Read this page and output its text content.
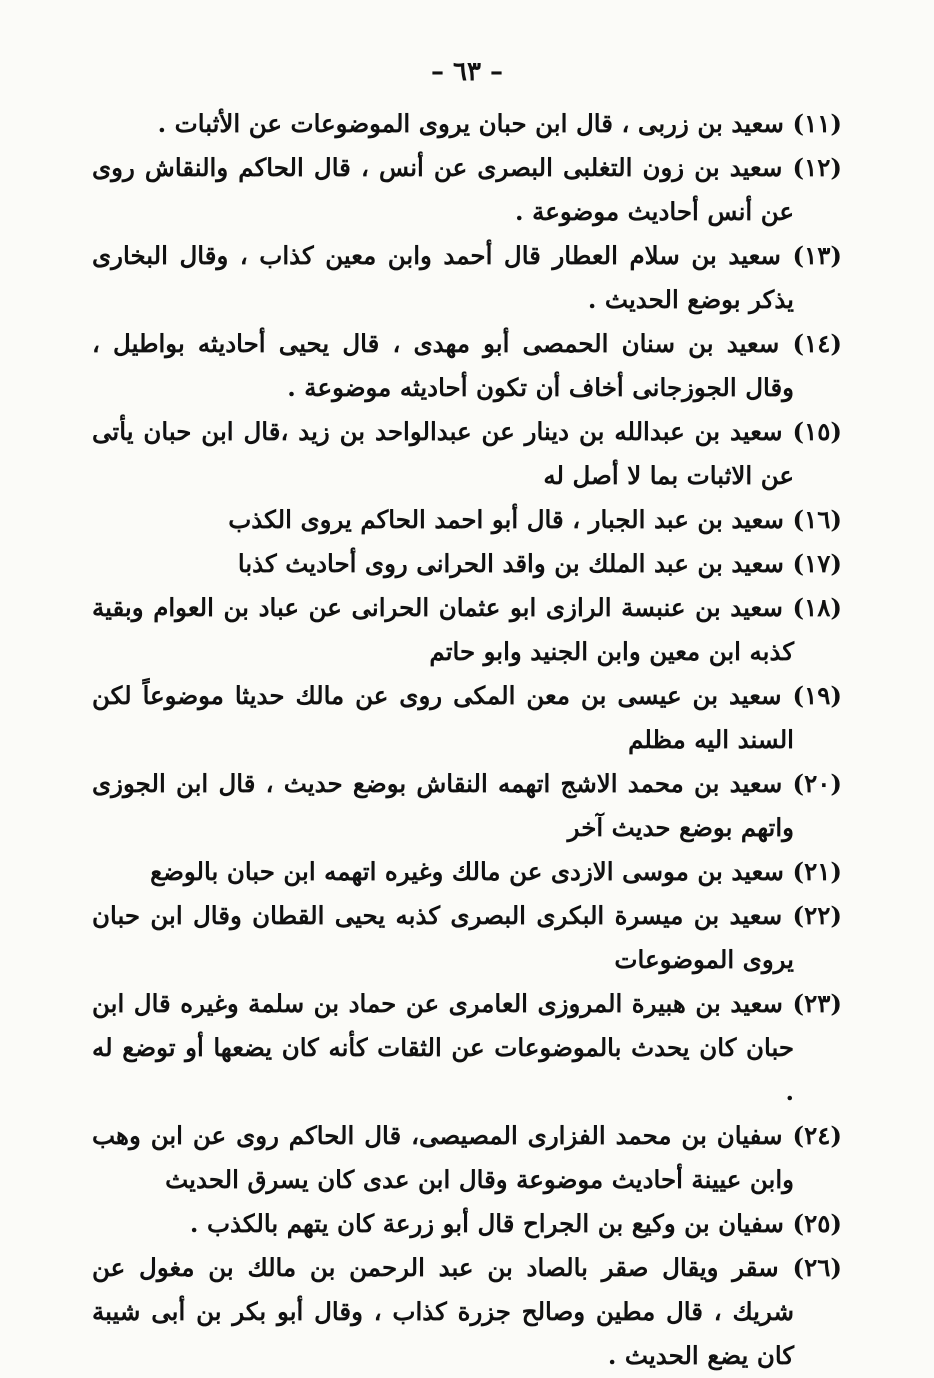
– ٦٣ –

(١١) سعيد بن زربى ، قال ابن حبان يروى الموضوعات عن الأثبات .

(١٢) سعيد بن زون التغلبى البصرى عن أنس ، قال الحاكم والنقاش روى عن أنس أحاديث موضوعة .

(١٣) سعيد بن سلام العطار قال أحمد وابن معين كذاب ، وقال البخارى يذكر بوضع الحديث .

(١٤) سعيد بن سنان الحمصى أبو مهدى ، قال يحيى أحاديثه بواطيل ، وقال الجوزجانى أخاف أن تكون أحاديثه موضوعة .

(١٥) سعيد بن عبدالله بن دينار عن عبدالواحد بن زيد ،قال ابن حبان يأتى عن الاثبات بما لا أصل له

(١٦) سعيد بن عبد الجبار ، قال أبو احمد الحاكم يروى الكذب

(١٧) سعيد بن عبد الملك بن واقد الحرانى روى أحاديث كذبا

(١٨) سعيد بن عنبسة الرازى ابو عثمان الحرانى عن عباد بن العوام وبقية كذبه ابن معين وابن الجنيد وابو حاتم

(١٩) سعيد بن عيسى بن معن المكى روى عن مالك حديثا موضوعاً لكن السند اليه مظلم

(٢٠) سعيد بن محمد الاشج اتهمه النقاش بوضع حديث ، قال ابن الجوزى واتهم بوضع حديث آخر

(٢١) سعيد بن موسى الازدى عن مالك وغيره اتهمه ابن حبان بالوضع

(٢٢) سعيد بن ميسرة البكرى البصرى كذبه يحيى القطان وقال ابن حبان يروى الموضوعات

(٢٣) سعيد بن هبيرة المروزى العامرى عن حماد بن سلمة وغيره قال ابن حبان كان يحدث بالموضوعات عن الثقات كأنه كان يضعها أو توضع له .

(٢٤) سفيان بن محمد الفزارى المصيصى، قال الحاكم روى عن ابن وهب وابن عيينة أحاديث موضوعة وقال ابن عدى كان يسرق الحديث

(٢٥) سفيان بن وكيع بن الجراح قال أبو زرعة كان يتهم بالكذب .

(٢٦) سقر ويقال صقر بالصاد بن عبد الرحمن بن مالك بن مغول عن شريك ، قال مطين وصالح جزرة كذاب ، وقال أبو بكر بن أبى شيبة كان يضع الحديث .
